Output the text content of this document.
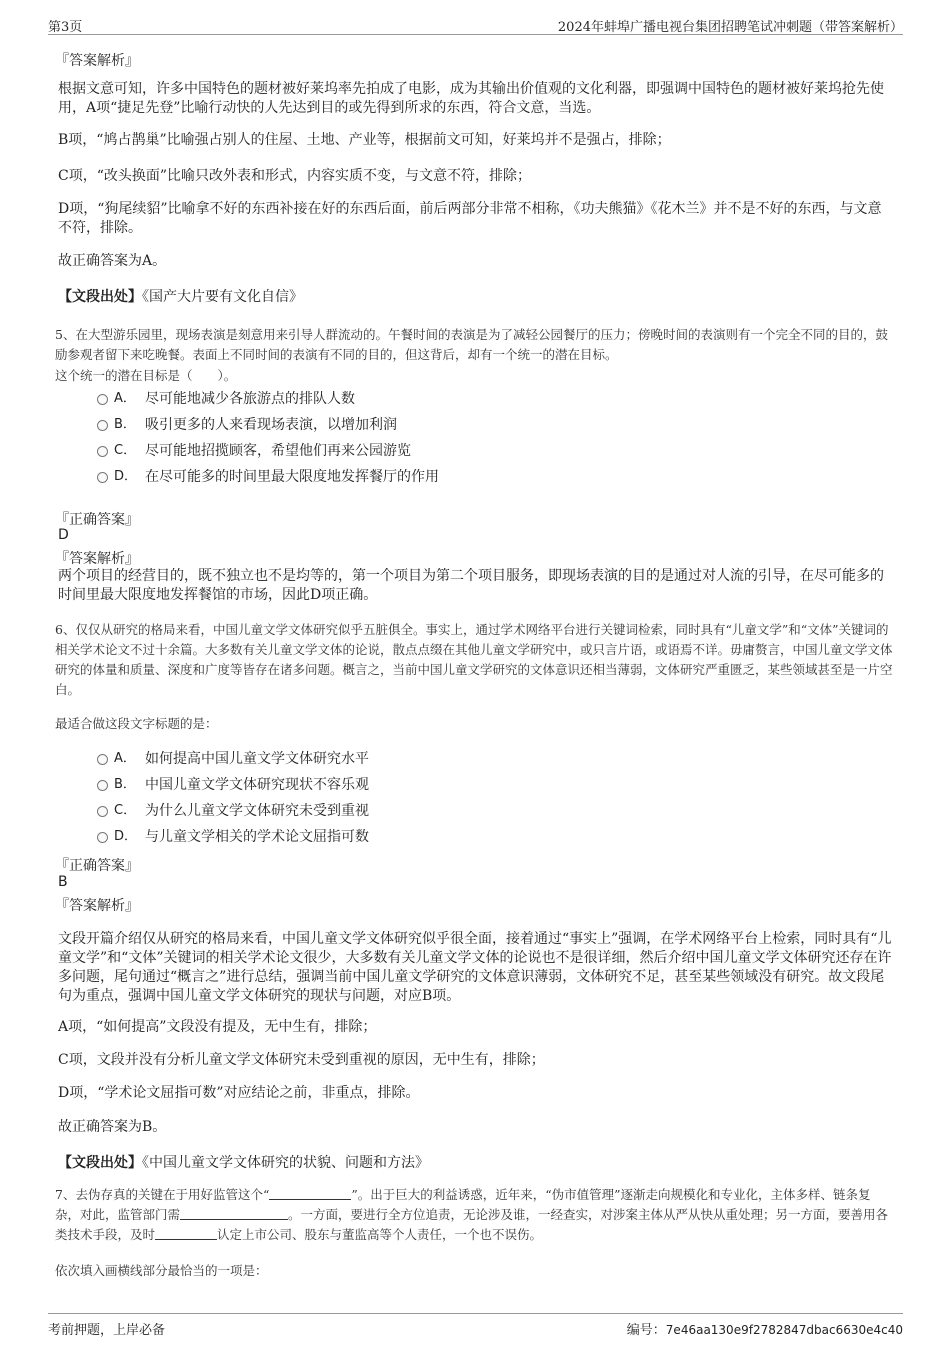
第3页	2024年蚌埠广播电视台集团招聘笔试冲刺题（带答案解析）
『答案解析』
根据文意可知，许多中国特色的题材被好莱坞率先拍成了电影，成为其输出价值观的文化利器，即强调中国特色的题材被好莱坞抢先使用，A项“捷足先登”比喻行动快的人先达到目的或先得到所求的东西，符合文意，当选。
B项，“鸠占鹊巢”比喻强占别人的住屋、土地、产业等，根据前文可知，好莱坞并不是强占，排除；
C项，“改头换面”比喻只改外表和形式，内容实质不变，与文意不符，排除；
D项，“狗尾续貂”比喻拿不好的东西补接在好的东西后面，前后两部分非常不相称，《功夫熊猫》《花木兰》并不是不好的东西，与文意不符，排除。
故正确答案为A。
【文段出处】《国产大片要有文化自信》
5、在大型游乐园里，现场表演是刻意用来引导人群流动的。午餐时间的表演是为了减轻公园餐厅的压力；傍晚时间的表演则有一个完全不同的目的，鼓励参观者留下来吃晚餐。表面上不同时间的表演有不同的目的，但这背后，却有一个统一的潜在目标。
这个统一的潜在目标是（　　）。
A． 尽可能地减少各旅游点的排队人数
B． 吸引更多的人来看现场表演，以增加利润
C． 尽可能地招揽顾客，希望他们再来公园游览
D． 在尽可能多的时间里最大限度地发挥餐厅的作用
『正确答案』
D
『答案解析』
两个项目的经营目的，既不独立也不是均等的，第一个项目为第二个项目服务，即现场表演的目的是通过对人流的引导，在尽可能多的时间里最大限度地发挥餐馆的市场，因此D项正确。
6、仅仅从研究的格局来看，中国儿童文学文体研究似乎五脏俱全。事实上，通过学术网络平台进行关键词检索，同时具有“儿童文学”和“文体”关键词的相关学术论文不过十余篇。大多数有关儿童文学文体的论说，散点点缀在其他儿童文学研究中，或只言片语，或语焉不详。毋庸赘言，中国儿童文学文体研究的体量和质量、深度和广度等皆存在诸多问题。概言之，当前中国儿童文学研究的文体意识还相当薄弱，文体研究严重匮乏，某些领域甚至是一片空白。
最适合做这段文字标题的是：
A． 如何提高中国儿童文学文体研究水平
B． 中国儿童文学文体研究现状不容乐观
C． 为什么儿童文学文体研究未受到重视
D． 与儿童文学相关的学术论文屈指可数
『正确答案』
B
『答案解析』
文段开篇介绍仅从研究的格局来看，中国儿童文学文体研究似乎很全面，接着通过“事实上”强调，在学术网络平台上检索，同时具有“儿童文学”和“文体”关键词的相关学术论文很少，大多数有关儿童文学文体的论说也不是很详细，然后介绍中国儿童文学文体研究还存在许多问题，尾句通过“概言之”进行总结，强调当前中国儿童文学研究的文体意识薄弱，文体研究不足，甚至某些领域没有研究。故文段尾句为重点，强调中国儿童文学文体研究的现状与问题，对应B项。
A项，“如何提高”文段没有提及，无中生有，排除；
C项，文段并没有分析儿童文学文体研究未受到重视的原因，无中生有，排除；
D项，“学术论文屈指可数”对应结论之前，非重点，排除。
故正确答案为B。
【文段出处】《中国儿童文学文体研究的状貌、问题和方法》
7、去伪存真的关键在于用好监管这个“	”。出于巨大的利益诱惑，近年来，“伪市值管理”逐渐走向规模化和专业化，主体多样、链条复杂，对此，监管部门需	。一方面，要进行全方位追责，无论涉及谁，一经查实，对涉案主体从严从快从重处理；另一方面，要善用各类技术手段，及时	认定上市公司、股东与董监高等个人责任，一个也不误伤。
依次填入画横线部分最恰当的一项是：
考前押题，上岸必备	编号：7e46aa130e9f2782847dbac6630e4c40
